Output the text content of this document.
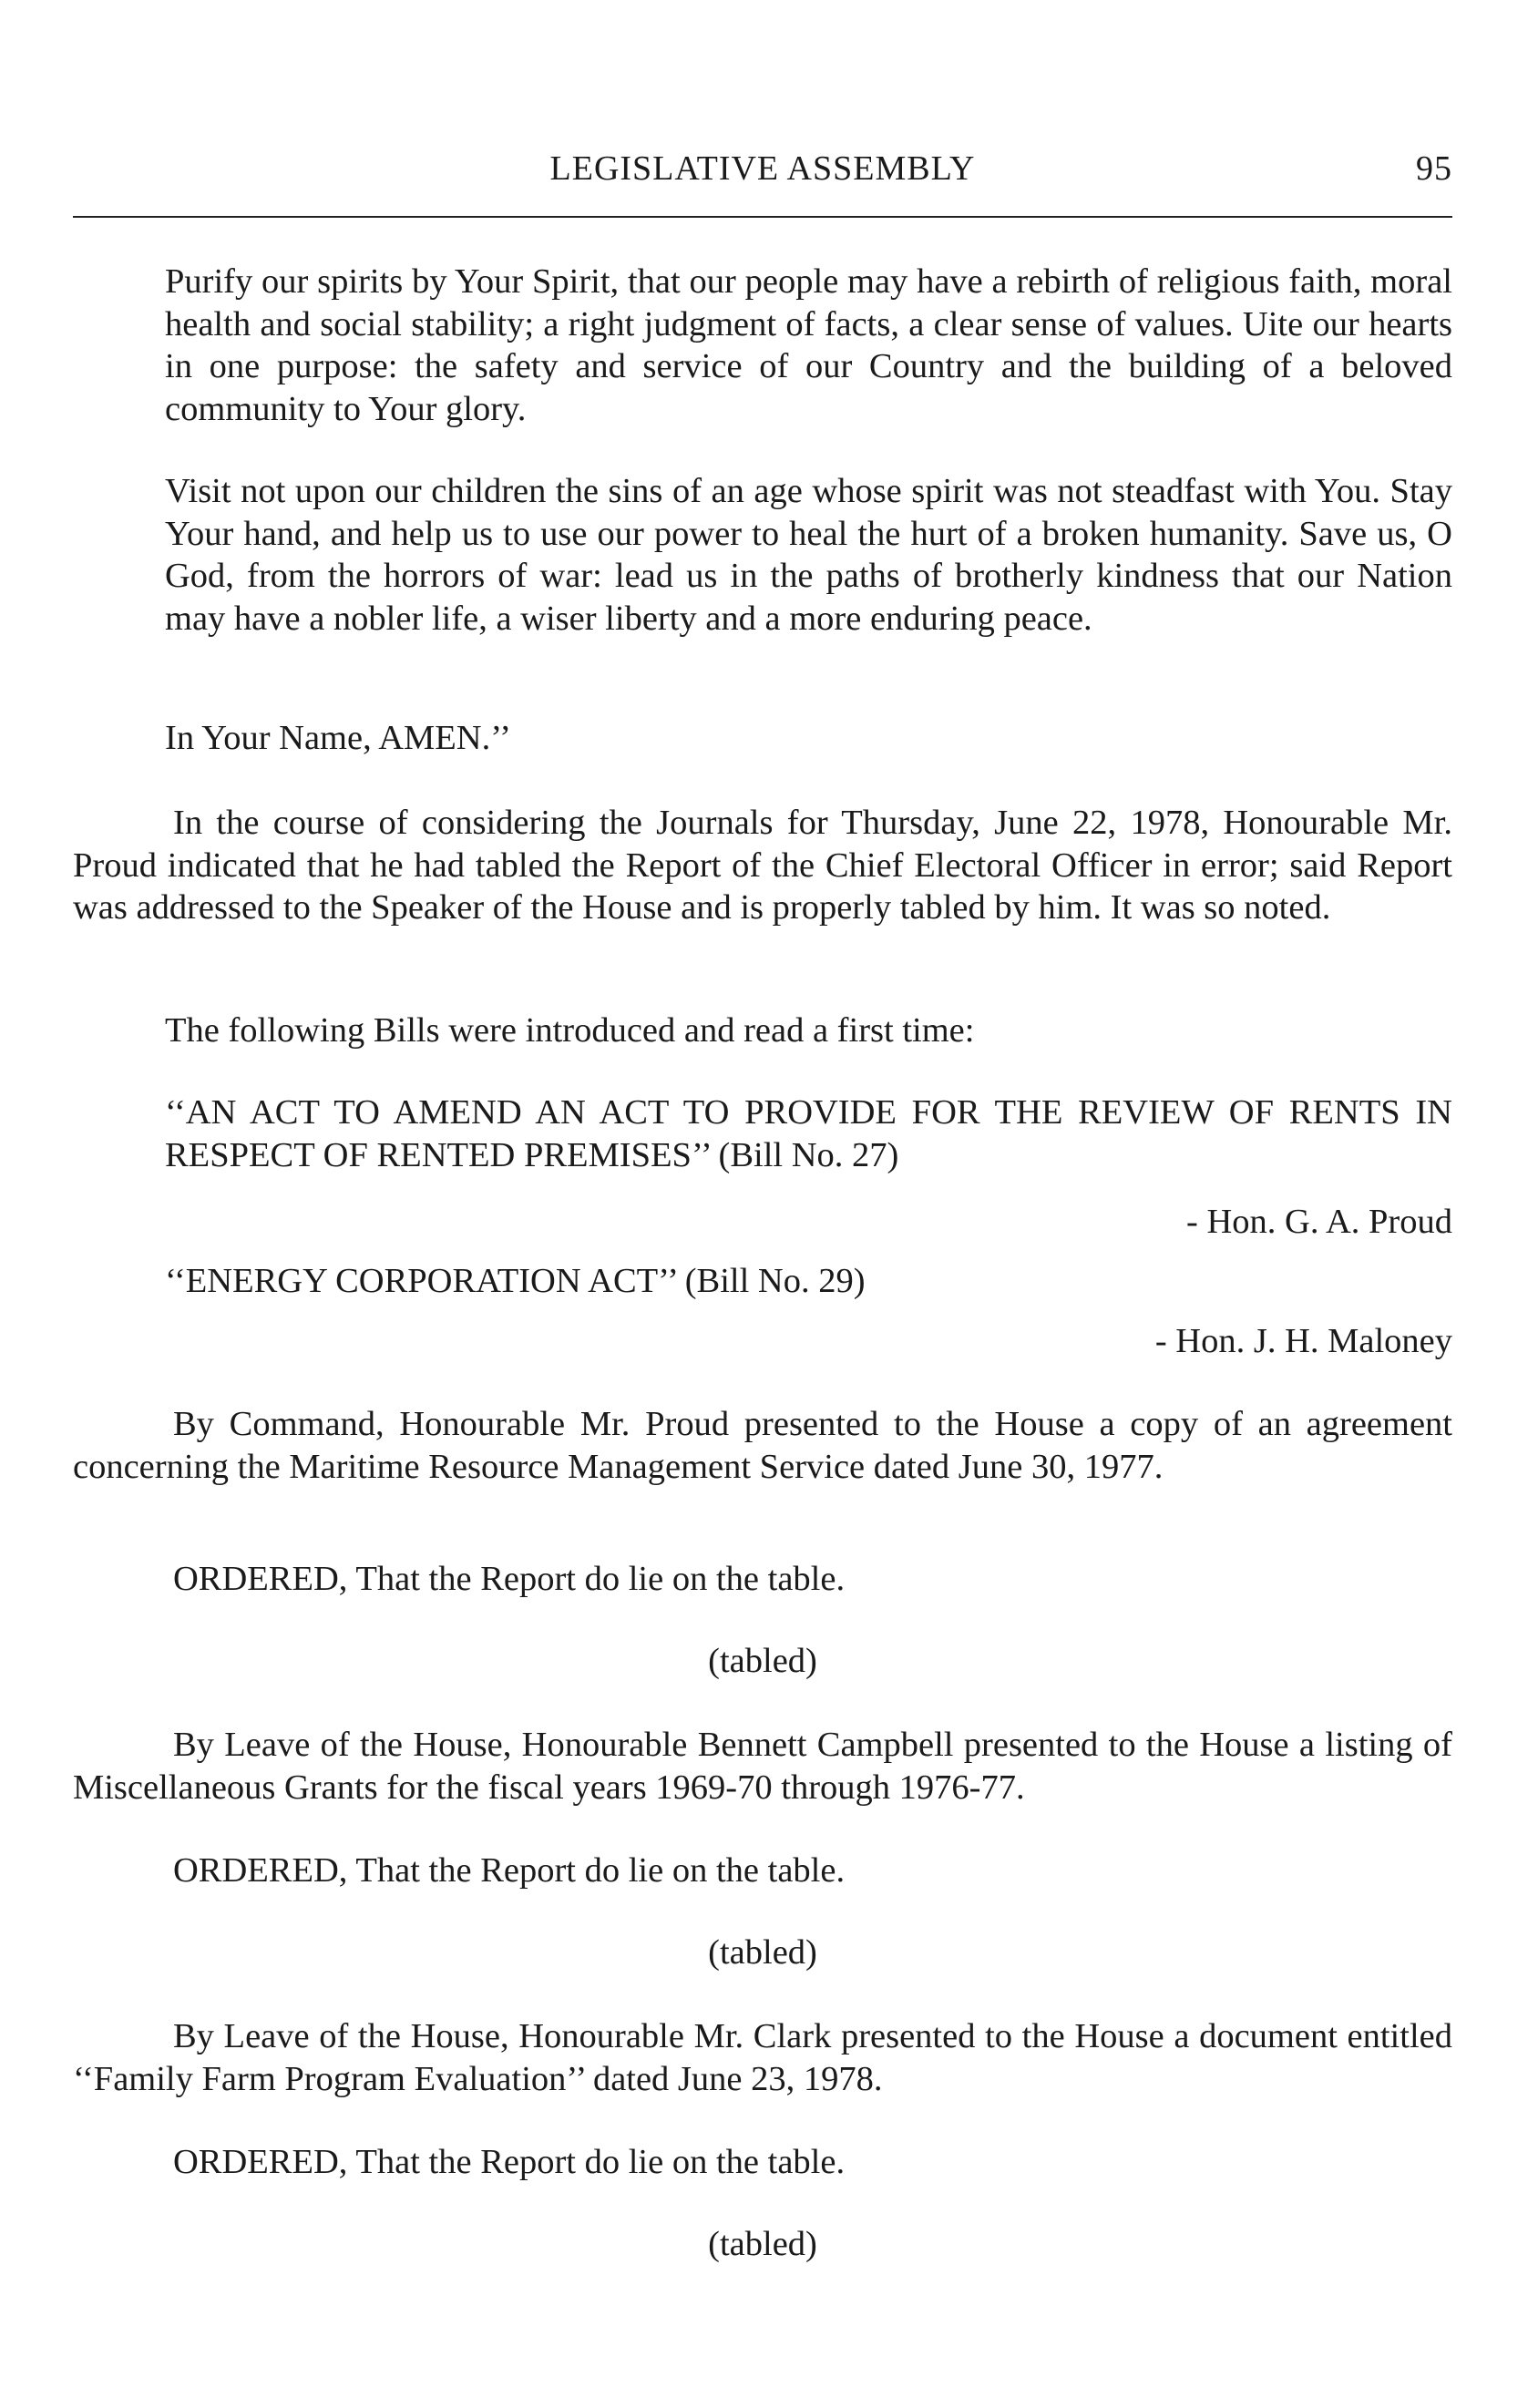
LEGISLATIVE ASSEMBLY	95

Purify our spirits by Your Spirit, that our people may have a rebirth of religious faith, moral health and social stability; a right judgment of facts, a clear sense of values. Uite our hearts in one purpose: the safety and service of our Country and the building of a beloved community to Your glory.

Visit not upon our children the sins of an age whose spirit was not steadfast with You. Stay Your hand, and help us to use our power to heal the hurt of a broken humanity. Save us, O God, from the horrors of war: lead us in the paths of brotherly kindness that our Nation may have a nobler life, a wiser liberty and a more enduring peace.

In Your Name, AMEN.’’

In the course of considering the Journals for Thursday, June 22, 1978, Honourable Mr. Proud indicated that he had tabled the Report of the Chief Electoral Officer in error; said Report was addressed to the Speaker of the House and is properly tabled by him. It was so noted.

The following Bills were introduced and read a first time:

‘‘AN ACT TO AMEND AN ACT TO PROVIDE FOR THE REVIEW OF RENTS IN RESPECT OF RENTED PREMISES’’ (Bill No. 27)

- Hon. G. A. Proud

‘‘ENERGY CORPORATION ACT’’ (Bill No. 29)

- Hon. J. H. Maloney

By Command, Honourable Mr. Proud presented to the House a copy of an agreement concerning the Maritime Resource Management Service dated June 30, 1977.

ORDERED, That the Report do lie on the table.

(tabled)

By Leave of the House, Honourable Bennett Campbell presented to the House a listing of Miscellaneous Grants for the fiscal years 1969-70 through 1976-77.

ORDERED, That the Report do lie on the table.

(tabled)

By Leave of the House, Honourable Mr. Clark presented to the House a document entitled ‘‘Family Farm Program Evaluation’’ dated June 23, 1978.

ORDERED, That the Report do lie on the table.

(tabled)
